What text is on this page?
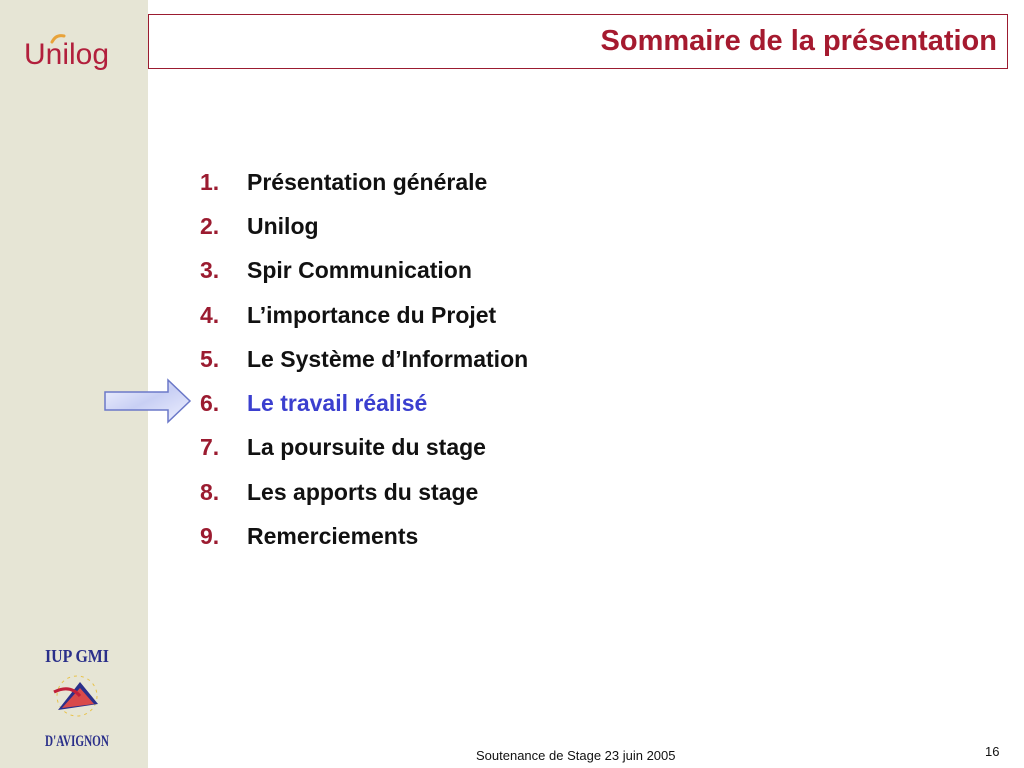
Unilog
IUP GMI
D'AVIGNON
Sommaire de la présentation
1.	Présentation générale
2.	Unilog
3.	Spir Communication
4.	L’importance du Projet
5.	Le Système d’Information
6.	Le travail réalisé
7.	La poursuite du stage
8.	Les apports du stage
9.	Remerciements
Soutenance de Stage 23 juin 2005	16
